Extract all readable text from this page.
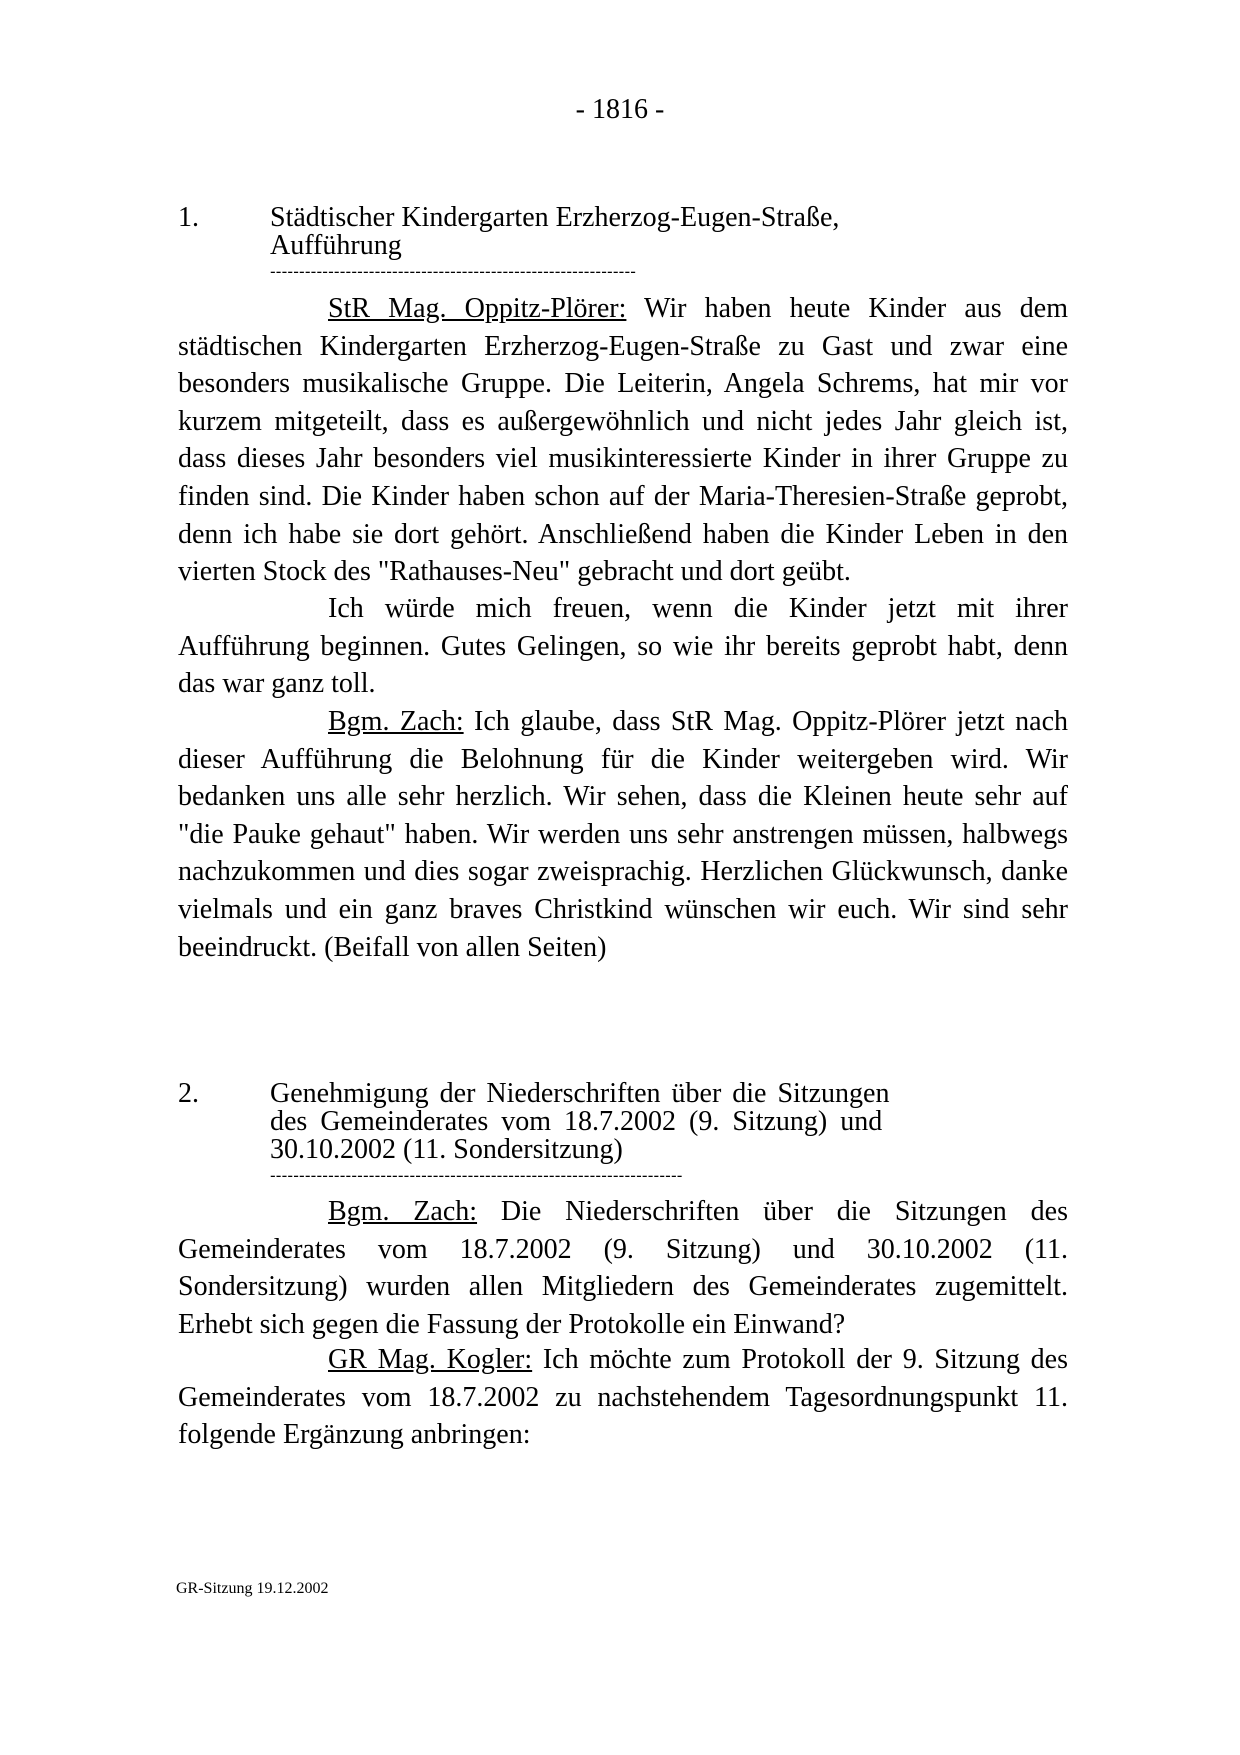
- 1816 -
1.	Städtischer Kindergarten Erzherzog-Eugen-Straße,
Aufführung
---------------------------------------------------------------

StR Mag. Oppitz-Plörer: Wir haben heute Kinder aus dem städtischen Kindergarten Erzherzog-Eugen-Straße zu Gast und zwar eine besonders musikalische Gruppe. Die Leiterin, Angela Schrems, hat mir vor kurzem mitgeteilt, dass es außergewöhnlich und nicht jedes Jahr gleich ist, dass dieses Jahr besonders viel musikinteressierte Kinder in ihrer Gruppe zu finden sind. Die Kinder haben schon auf der Maria-Theresien-Straße geprobt, denn ich habe sie dort gehört. Anschließend haben die Kinder Leben in den vierten Stock des "Rathauses-Neu" gebracht und dort geübt.

Ich würde mich freuen, wenn die Kinder jetzt mit ihrer Aufführung beginnen. Gutes Gelingen, so wie ihr bereits geprobt habt, denn das war ganz toll.

Bgm. Zach: Ich glaube, dass StR Mag. Oppitz-Plörer jetzt nach dieser Aufführung die Belohnung für die Kinder weitergeben wird. Wir bedanken uns alle sehr herzlich. Wir sehen, dass die Kleinen heute sehr auf "die Pauke gehaut" haben. Wir werden uns sehr anstrengen müssen, halbwegs nachzukommen und dies sogar zweisprachig. Herzlichen Glückwunsch, danke vielmals und ein ganz braves Christkind wünschen wir euch. Wir sind sehr beeindruckt. (Beifall von allen Seiten)

2.	Genehmigung der Niederschriften über die Sitzungen
des Gemeinderates vom 18.7.2002 (9. Sitzung) und
30.10.2002 (11. Sondersitzung)
-----------------------------------------------------------------------

Bgm. Zach: Die Niederschriften über die Sitzungen des Gemeinderates vom 18.7.2002 (9. Sitzung) und 30.10.2002 (11. Sondersitzung) wurden allen Mitgliedern des Gemeinderates zugemittelt. Erhebt sich gegen die Fassung der Protokolle ein Einwand?

GR Mag. Kogler: Ich möchte zum Protokoll der 9. Sitzung des Gemeinderates vom 18.7.2002 zu nachstehendem Tagesordnungspunkt 11. folgende Ergänzung anbringen:

GR-Sitzung 19.12.2002
